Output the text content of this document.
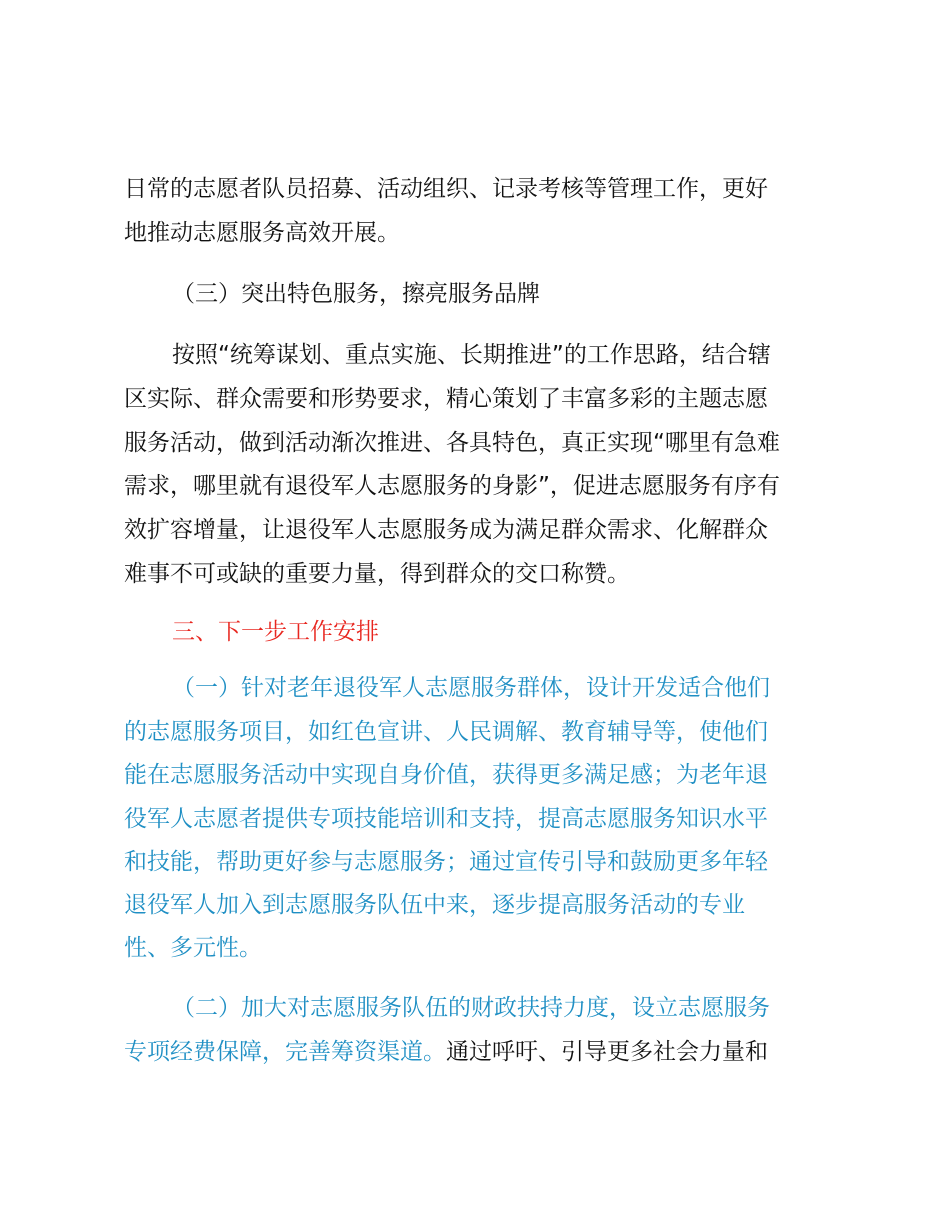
日常的志愿者队员招募、活动组织、记录考核等管理工作，更好
地推动志愿服务高效开展。
（三）突出特色服务，擦亮服务品牌
按照“统筹谋划、重点实施、长期推进”的工作思路，结合辖
区实际、群众需要和形势要求，精心策划了丰富多彩的主题志愿
服务活动，做到活动渐次推进、各具特色，真正实现“哪里有急难
需求，哪里就有退役军人志愿服务的身影”，促进志愿服务有序有
效扩容增量，让退役军人志愿服务成为满足群众需求、化解群众
难事不可或缺的重要力量，得到群众的交口称赞。
三、下一步工作安排
（一）针对老年退役军人志愿服务群体，设计开发适合他们
的志愿服务项目，如红色宣讲、人民调解、教育辅导等，使他们
能在志愿服务活动中实现自身价值，获得更多满足感；为老年退
役军人志愿者提供专项技能培训和支持，提高志愿服务知识水平
和技能，帮助更好参与志愿服务；通过宣传引导和鼓励更多年轻
退役军人加入到志愿服务队伍中来，逐步提高服务活动的专业
性、多元性。
（二）加大对志愿服务队伍的财政扶持力度，设立志愿服务
专项经费保障，完善筹资渠道。通过呼吁、引导更多社会力量和
